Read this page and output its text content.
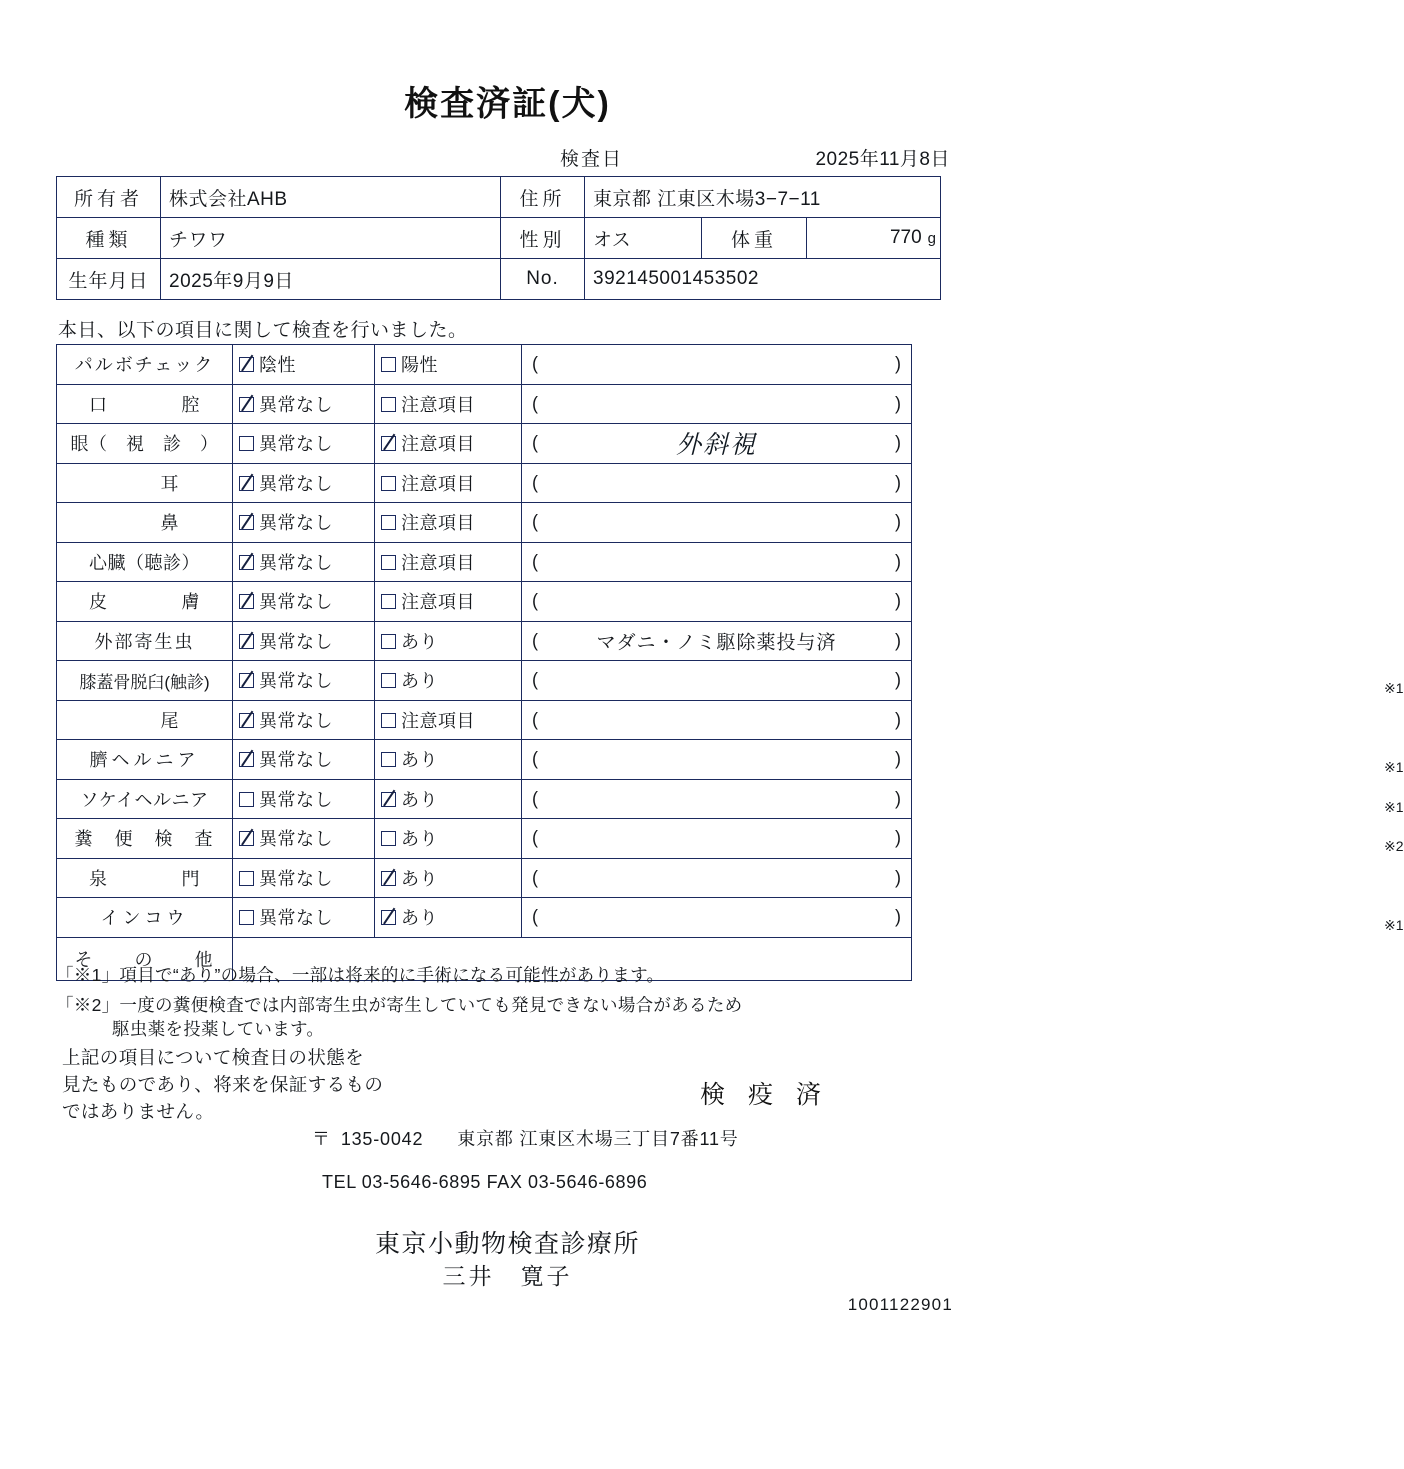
検査済証(犬)
検査日	2025年11月8日
所有者	株式会社AHB	住所	東京都 江東区木場3−7−11
種類	チワワ	性別	オス	体重	770 g

生年月日	2025年9月9日	No.	392145001453502
本日、以下の項目に関して検査を行いました。
パルボチェック	陰性	陽性	( )

口　　　　腔	異常なし	注意項目	( )

眼（　視　診　）	異常なし	注意項目	( 外斜視 )

耳	異常なし	注意項目	( )

鼻	異常なし	注意項目	( )

心臓（聴診）	異常なし	注意項目	( )

皮　　　　膚	異常なし	注意項目	( )

外部寄生虫	異常なし	あり	( マダニ・ノミ駆除薬投与済 )

膝蓋骨脱臼(触診)	異常なし	あり	( ) ※1

尾	異常なし	注意項目	( )

臍ヘルニア	異常なし	あり	( ) ※1

ソケイヘルニア	異常なし	あり	( ) ※1

糞　便　検　査	異常なし	あり	( ) ※2

泉　　　　門	異常なし	あり	( )

インコウ	異常なし	あり	( ) ※1

そ　　の　　他			
「※1」項目で“あり”の場合、一部は将来的に手術になる可能性があります。
「※2」一度の糞便検査では内部寄生虫が寄生していても発見できない場合があるため
駆虫薬を投薬しています。
上記の項目について検査日の状態を
見たものであり、将来を保証するもの
ではありません。
検 疫 済
〒 135-0042 東京都 江東区木場三丁目7番11号
TEL 03-5646-6895 FAX 03-5646-6896
東京小動物検査診療所
三井　寛子
1001122901
